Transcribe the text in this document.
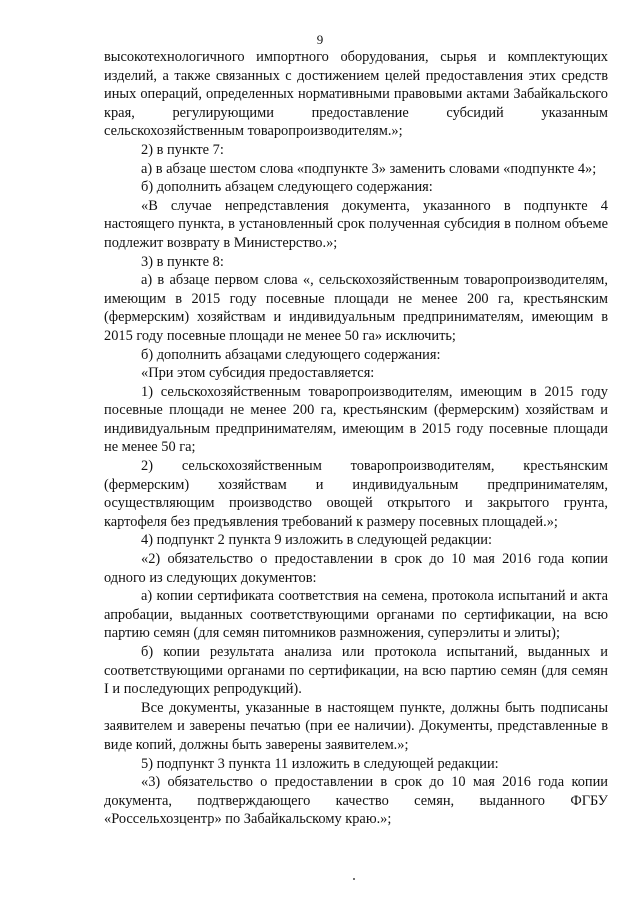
9

высокотехнологичного импортного оборудования, сырья и комплектующих изделий, а также связанных с достижением целей предоставления этих средств иных операций, определенных нормативными правовыми актами Забайкальского края, регулирующими предоставление субсидий указанным сельскохозяйственным товаропроизводителям.»;

2) в пункте 7:

а) в абзаце шестом слова «подпункте 3» заменить словами «подпункте 4»;

б) дополнить абзацем следующего содержания:

«В случае непредставления документа, указанного в подпункте 4 настоящего пункта, в установленный срок полученная субсидия в полном объеме подлежит возврату в Министерство.»;

3) в пункте 8:

а) в абзаце первом слова «, сельскохозяйственным товаропроизводителям, имеющим в 2015 году посевные площади не менее 200 га, крестьянским (фермерским) хозяйствам и индивидуальным предпринимателям, имеющим в 2015 году посевные площади не менее 50 га» исключить;

б) дополнить абзацами следующего содержания:

«При этом субсидия предоставляется:

1) сельскохозяйственным товаропроизводителям, имеющим в 2015 году посевные площади не менее 200 га, крестьянским (фермерским) хозяйствам и индивидуальным предпринимателям, имеющим в 2015 году посевные площади не менее 50 га;

2) сельскохозяйственным товаропроизводителям, крестьянским (фермерским) хозяйствам и индивидуальным предпринимателям, осуществляющим производство овощей открытого и закрытого грунта, картофеля без предъявления требований к размеру посевных площадей.»;

4) подпункт 2 пункта 9 изложить в следующей редакции:

«2) обязательство о предоставлении в срок до 10 мая 2016 года копии одного из следующих документов:

а) копии сертификата соответствия на семена, протокола испытаний и акта апробации, выданных соответствующими органами по сертификации, на всю партию семян (для семян питомников размножения, суперэлиты и элиты);

б) копии результата анализа или протокола испытаний, выданных и соответствующими органами по сертификации, на всю партию семян (для семян I и последующих репродукций).

Все документы, указанные в настоящем пункте, должны быть подписаны заявителем и заверены печатью (при ее наличии). Документы, представленные в виде копий, должны быть заверены заявителем.»;

5) подпункт 3 пункта 11 изложить в следующей редакции:

«3) обязательство о предоставлении в срок до 10 мая 2016 года копии документа, подтверждающего качество семян, выданного ФГБУ «Россельхозцентр» по Забайкальскому краю.»;
